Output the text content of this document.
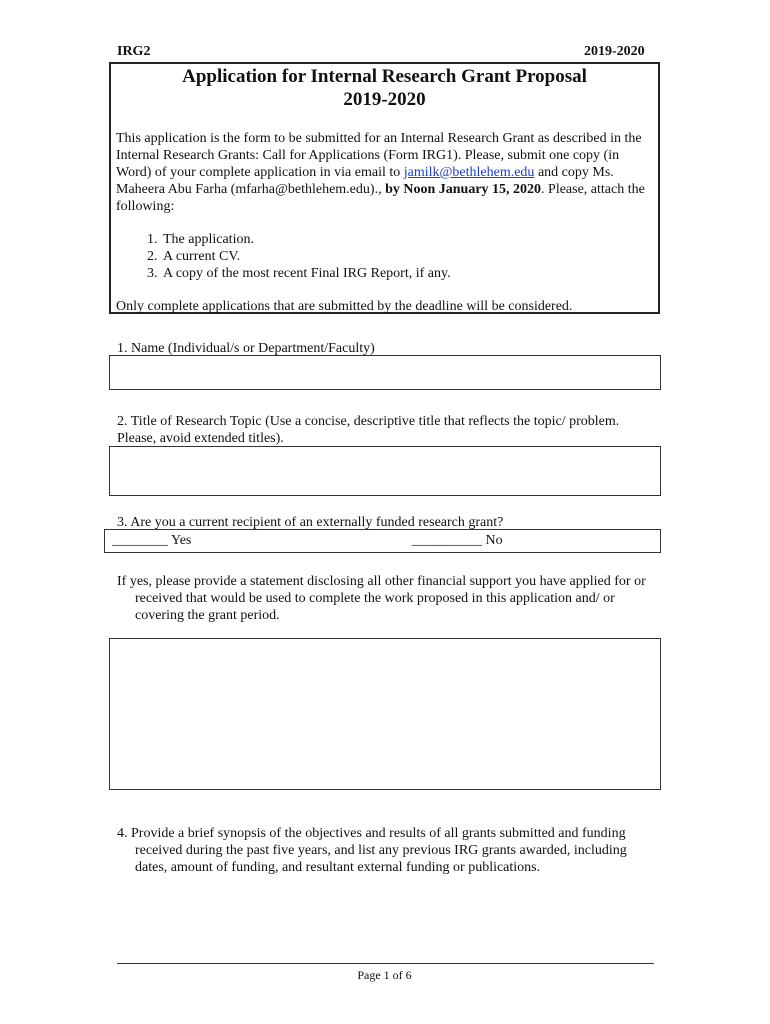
IRG2	2019-2020
Application for Internal Research Grant Proposal
2019-2020
This application is the form to be submitted for an Internal Research Grant as described in the Internal Research Grants: Call for Applications (Form IRG1). Please, submit one copy (in Word) of your complete application in via email to jamilk@bethlehem.edu and copy Ms. Maheera Abu Farha (mfarha@bethlehem.edu)., by Noon January 15, 2020. Please, attach the following:
1. The application.
2. A current CV.
3. A copy of the most recent Final IRG Report, if any.
Only complete applications that are submitted by the deadline will be considered.
1. Name (Individual/s or Department/Faculty)
2. Title of Research Topic (Use a concise, descriptive title that reflects the topic/ problem. Please, avoid extended titles).
3. Are you a current recipient of an externally funded research grant?
________ Yes	__________ No
If yes, please provide a statement disclosing all other financial support you have applied for or received that would be used to complete the work proposed in this application and/ or covering the grant period.
4. Provide a brief synopsis of the objectives and results of all grants submitted and funding received during the past five years, and list any previous IRG grants awarded, including dates, amount of funding, and resultant external funding or publications.
Page 1 of 6
